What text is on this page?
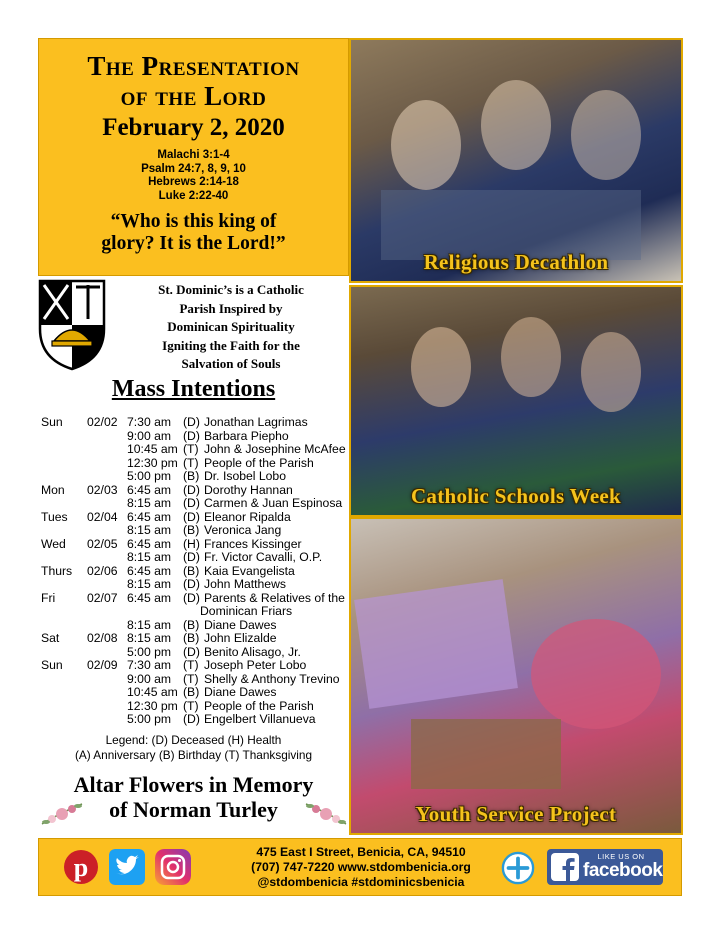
The Presentation
of the Lord
February 2, 2020
Malachi 3:1-4
Psalm 24:7, 8, 9, 10
Hebrews 2:14-18
Luke 2:22-40
“Who is this king of
glory? It is the Lord!”
Religious Decathlon
Catholic Schools Week
Youth Service Project
St. Dominic’s is a Catholic
Parish Inspired by
Dominican Spirituality
Igniting the Faith for the
Salvation of Souls
Mass Intentions
Sun	02/02 7:30 am (D) Jonathan Lagrimas
9:00 am (D) Barbara Piepho
10:45 am (T) John & Josephine McAfee
12:30 pm (T) People of the Parish
5:00 pm (B) Dr. Isobel Lobo
Mon	02/03 6:45 am (D) Dorothy Hannan
8:15 am (D) Carmen & Juan Espinosa
Tues	02/04 6:45 am (D) Eleanor Ripalda
8:15 am (B) Veronica Jang
Wed	02/05 6:45 am (H) Frances Kissinger
8:15 am (D) Fr. Victor Cavalli, O.P.
Thurs	02/06 6:45 am (B) Kaia Evangelista
8:15 am (D) John Matthews
Fri	02/07 6:45 am (D) Parents & Relatives of the
Dominican Friars
8:15 am (B) Diane Dawes
Sat	02/08 8:15 am (B) John Elizalde
5:00 pm (D) Benito Alisago, Jr.
Sun	02/09 7:30 am (T) Joseph Peter Lobo
9:00 am (T) Shelly & Anthony Trevino
10:45 am (B) Diane Dawes
12:30 pm (T) People of the Parish
5:00 pm (D) Engelbert Villanueva
Legend: (D) Deceased (H) Health
(A) Anniversary (B) Birthday (T) Thanksgiving
Altar Flowers in Memory
of Norman Turley
p
475 East I Street, Benicia, CA, 94510
(707) 747-7220 www.stdombenicia.org
@stdombenicia #stdominicsbenicia
LIKE US ON
facebook
